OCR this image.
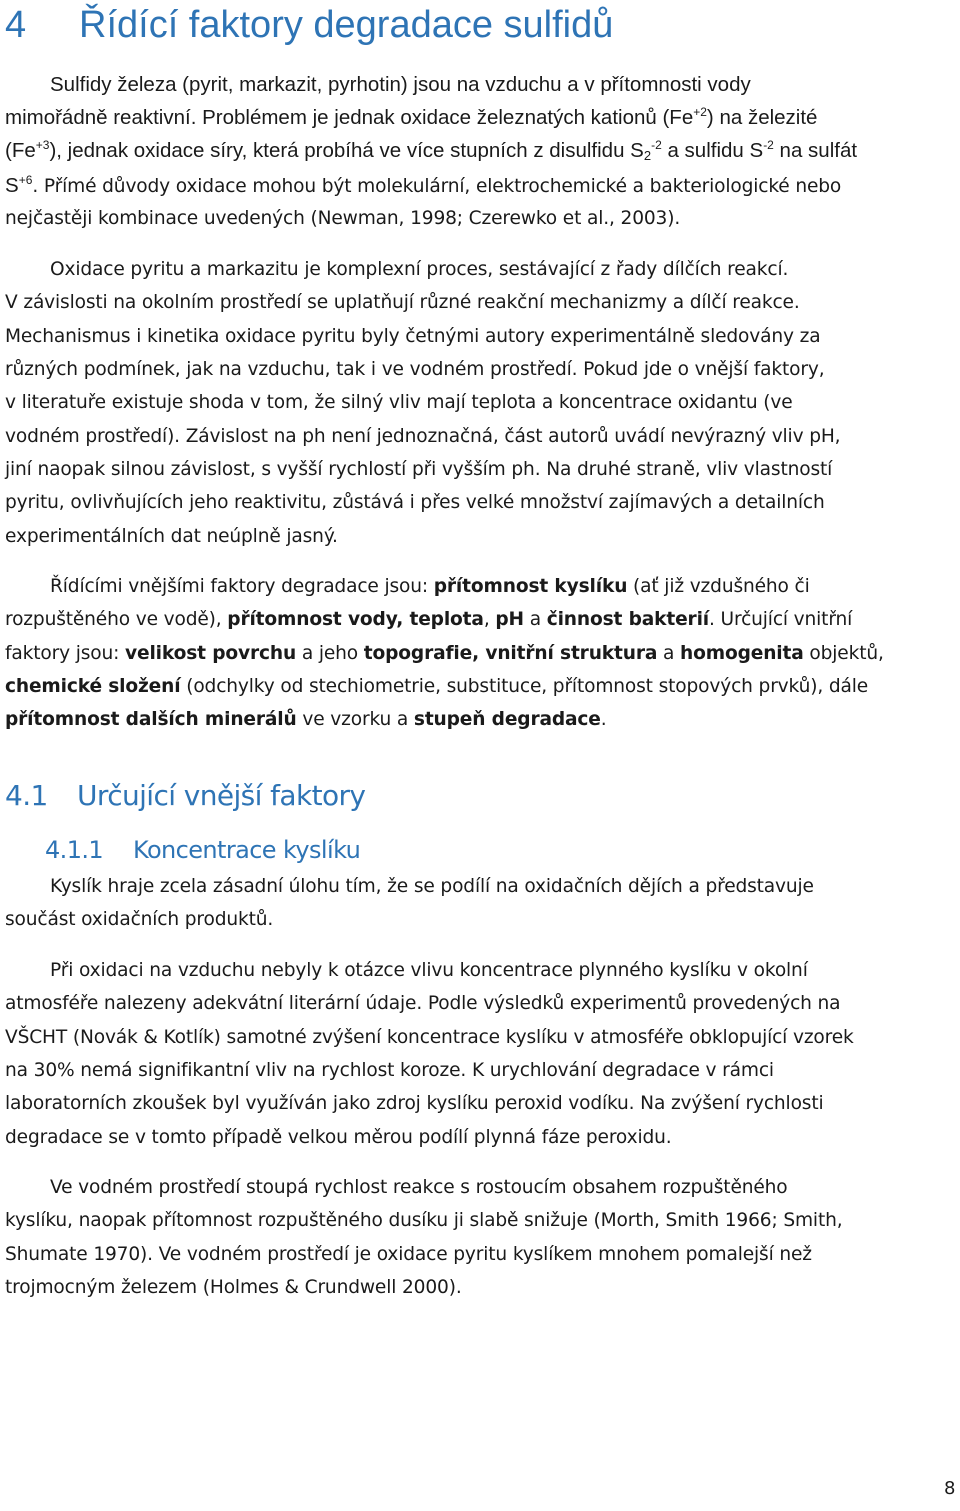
4 Řídící faktory degradace sulfidů
Sulfidy železa (pyrit, markazit, pyrhotin) jsou na vzduchu a v přítomnosti vody
mimořádně reaktivní. Problémem je jednak oxidace železnatých kationů $(Fe^{+2})$ na železité
$(Fe^{+3})$, jednak oxidace síry, která probíhá ve více stupních z disulfidu $S_2^{-2}$ a sulfidu $S^{-2}$ na sulfát
$S^{+6}$. Přímé důvody oxidace mohou být molekulární, elektrochemické a bakteriologické nebo
nejčastěji kombinace uvedených (Newman, 1998; Czerewko et al., 2003).
Oxidace pyritu a markazitu je komplexní proces, sestávající z řady dílčích reakcí.
V závislosti na okolním prostředí se uplatňují různé reakční mechanizmy a dílčí reakce.
Mechanismus i kinetika oxidace pyritu byly četnými autory experimentálně sledovány za
různých podmínek, jak na vzduchu, tak i ve vodném prostředí. Pokud jde o vnější faktory,
v literatuře existuje shoda v tom, že silný vliv mají teplota a koncentrace oxidantu (ve
vodném prostředí). Závislost na ph není jednoznačná, část autorů uvádí nevýrazný vliv pH,
jiní naopak silnou závislost, s vyšší rychlostí při vyšším ph. Na druhé straně, vliv vlastností
pyritu, ovlivňujících jeho reaktivitu, zůstává i přes velké množství zajímavých a detailních
experimentálních dat neúplně jasný.
Řídícími vnějšími faktory degradace jsou: přítomnost kyslíku (ať již vzdušného či
rozpuštěného ve vodě), přítomnost vody, teplota, pH a činnost bakterií. Určující vnitřní
faktory jsou: velikost povrchu a jeho topografie, vnitřní struktura a homogenita objektů,
chemické složení (odchylky od stechiometrie, substituce, přítomnost stopových prvků), dále
přítomnost dalších minerálů ve vzorku a stupeň degradace.
4.1 Určující vnější faktory
4.1.1 Koncentrace kyslíku
Kyslík hraje zcela zásadní úlohu tím, že se podílí na oxidačních dějích a představuje
součást oxidačních produktů.
Při oxidaci na vzduchu nebyly k otázce vlivu koncentrace plynného kyslíku v okolní
atmosféře nalezeny adekvátní literární údaje. Podle výsledků experimentů provedených na
VŠCHT (Novák & Kotlík) samotné zvýšení koncentrace kyslíku v atmosféře obklopující vzorek
na 30% nemá signifikantní vliv na rychlost koroze. K urychlování degradace v rámci
laboratorních zkoušek byl využíván jako zdroj kyslíku peroxid vodíku. Na zvýšení rychlosti
degradace se v tomto případě velkou měrou podílí plynná fáze peroxidu.
Ve vodném prostředí stoupá rychlost reakce s rostoucím obsahem rozpuštěného
kyslíku, naopak přítomnost rozpuštěného dusíku ji slabě snižuje (Morth, Smith 1966; Smith,
Shumate 1970). Ve vodném prostředí je oxidace pyritu kyslíkem mnohem pomalejší než
trojmocným železem (Holmes & Crundwell 2000).
8
